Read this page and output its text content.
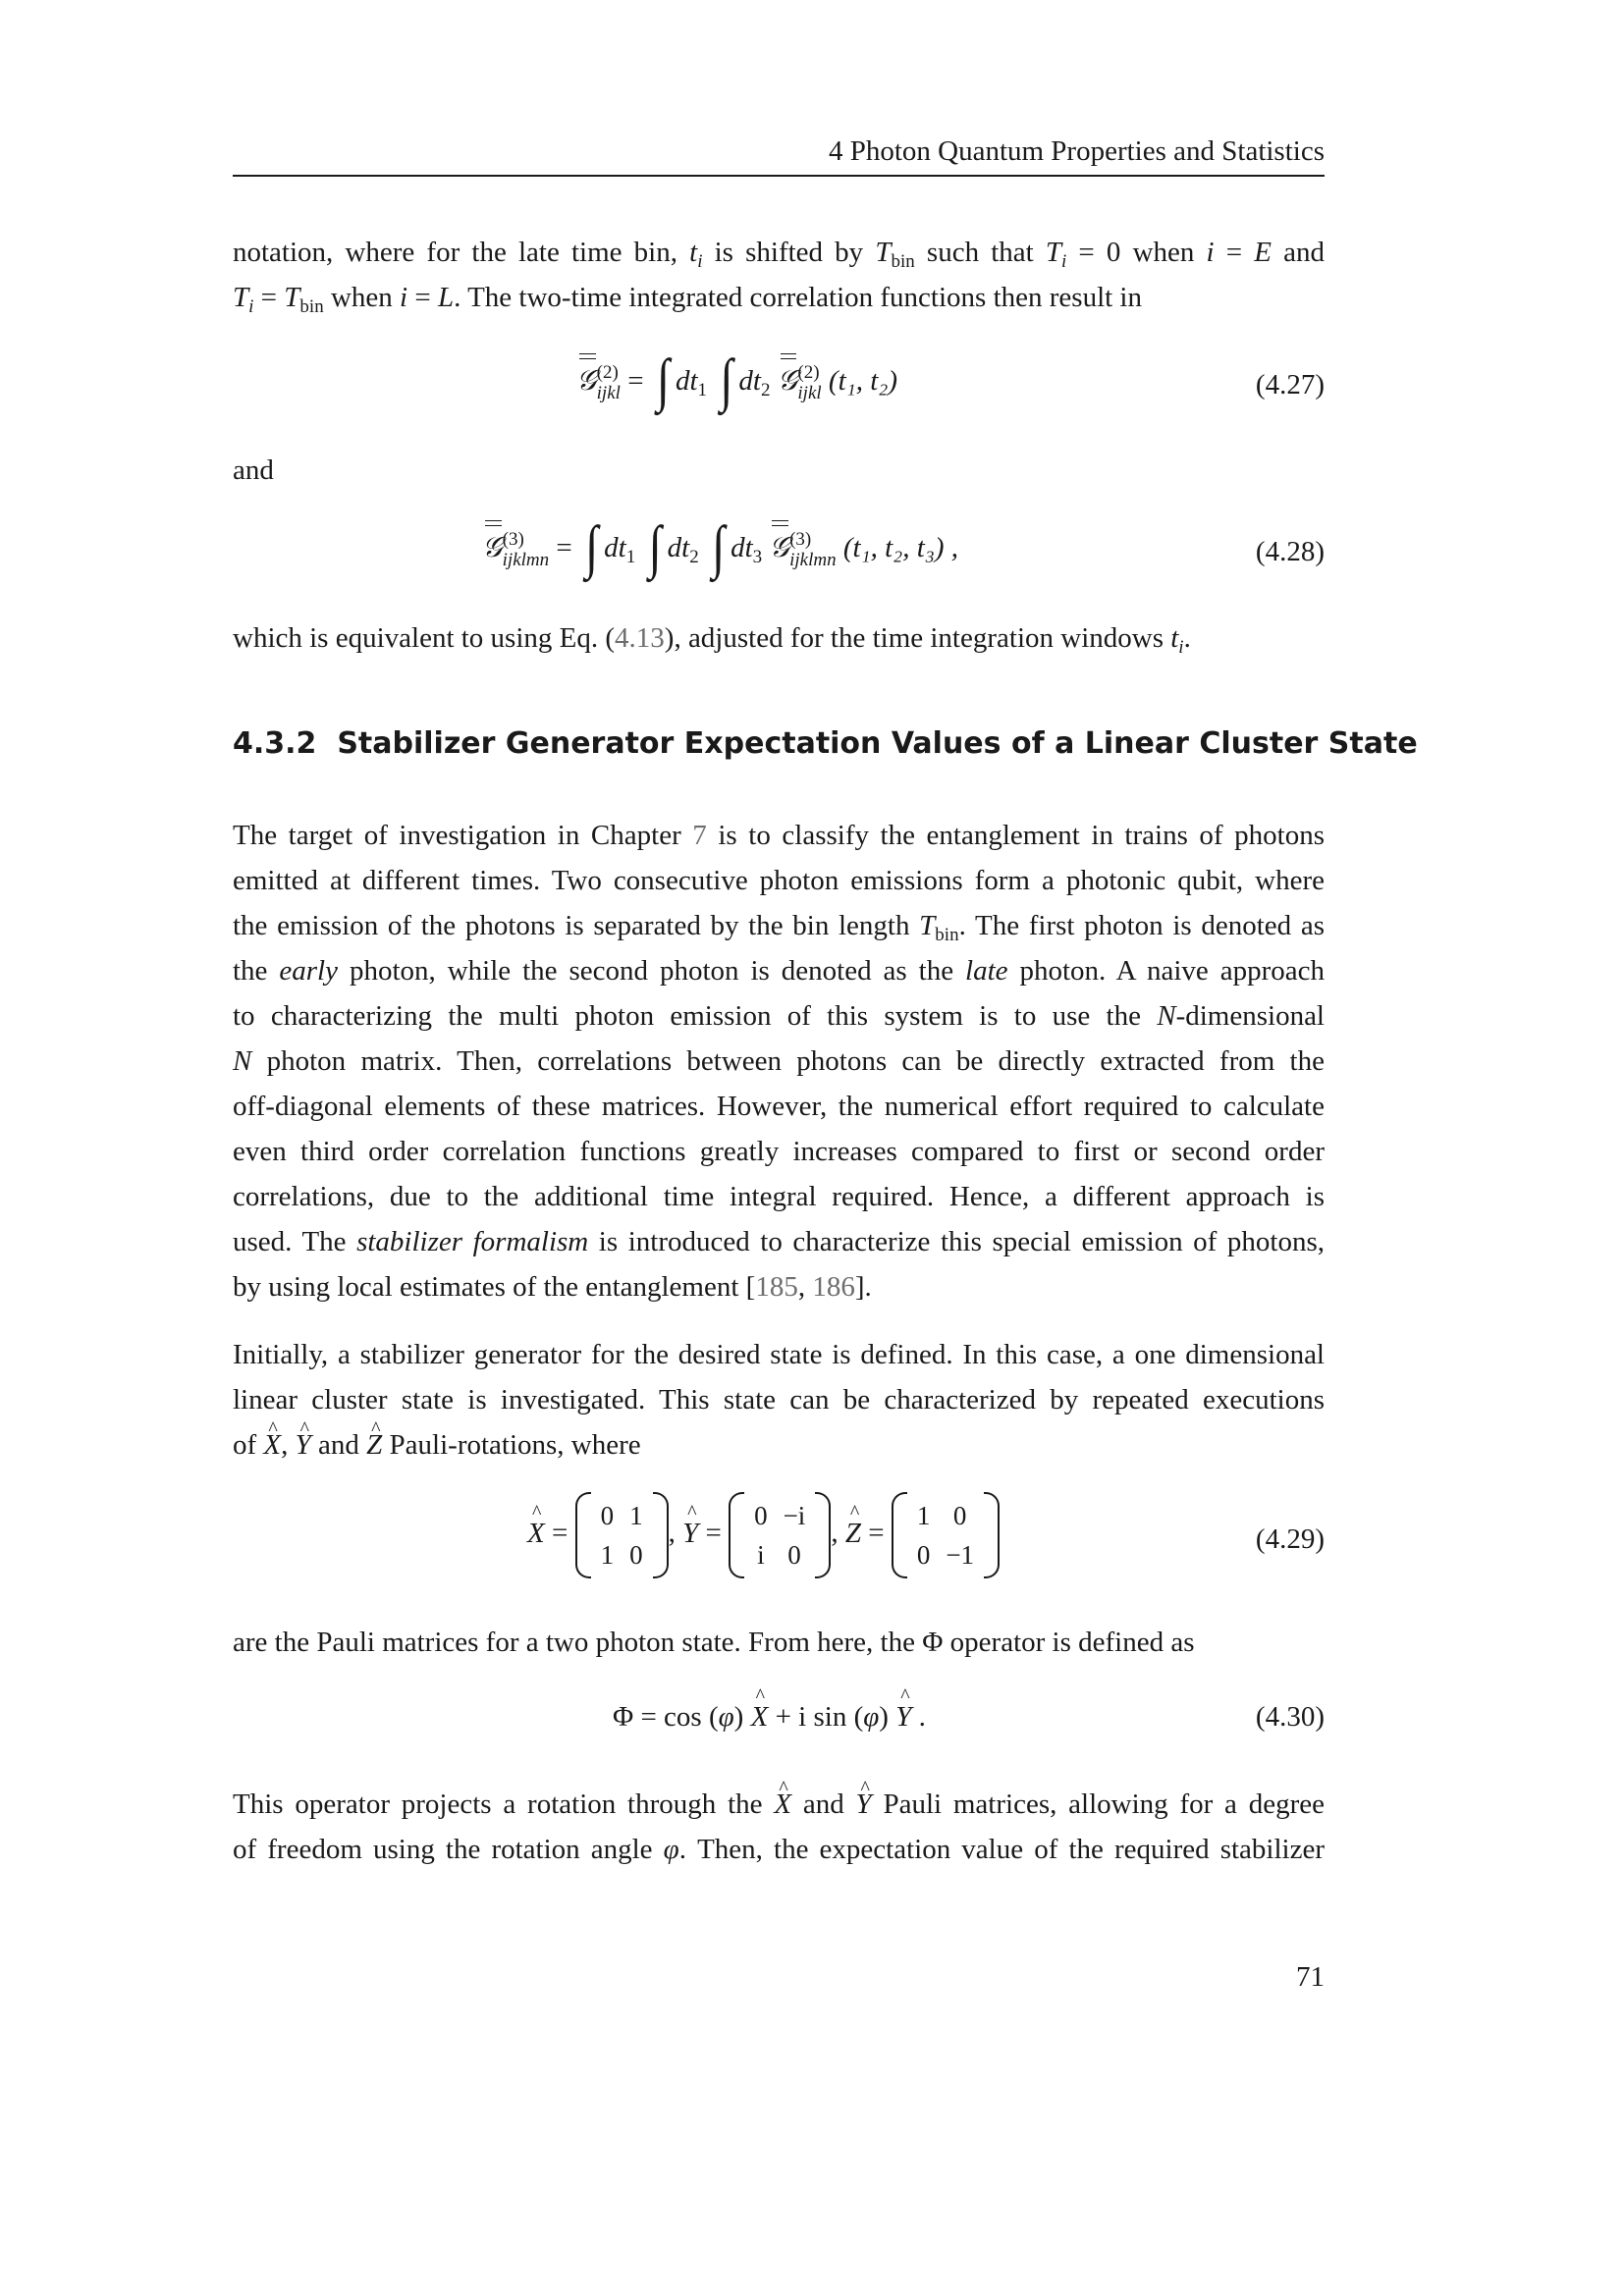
4 Photon Quantum Properties and Statistics
notation, where for the late time bin, $t_i$ is shifted by $T_{bin}$ such that $T_i = 0$ when i = E and
$T_i = T_{bin}$ when i = L. The two-time integrated correlation functions then result in
𝒢 (2)
ijkl = ∫ $dt_1$ ∫ $dt_2$ 𝒢 (2)
ijkl (t₁, t₂)	(4.27)
and
𝒢 (3)
ijklmn = ∫ $dt_1$ ∫ $dt_2$ ∫ $dt_3$ 𝒢 (3)
ijklmn (t₁, t₂, t₃) ,	(4.28)
which is equivalent to using Eq. (4.13), adjusted for the time integration windows $t_i$.
4.3.2 Stabilizer Generator Expectation Values of a Linear Cluster State
The target of investigation in Chapter 7 is to classify the entanglement in trains of photons
emitted at different times. Two consecutive photon emissions form a photonic qubit, where
the emission of the photons is separated by the bin length $T_{bin}$. The first photon is denoted as
the early photon, while the second photon is denoted as the late photon. A naive approach
to characterizing the multi photon emission of this system is to use the N-dimensional
N photon matrix. Then, correlations between photons can be directly extracted from the
off-diagonal elements of these matrices. However, the numerical effort required to calculate
even third order correlation functions greatly increases compared to first or second order
correlations, due to the additional time integral required. Hence, a different approach is
used. The stabilizer formalism is introduced to characterize this special emission of photons,
by using local estimates of the entanglement [185, 186].
Initially, a stabilizer generator for the desired state is defined. In this case, a one dimensional
linear cluster state is investigated. This state can be characterized by repeated executions
of X ^, Y ^ and Z ^ Pauli-rotations, where
X ^ =
0	1
1	0
, Y ^ =
0	−i
i	0
, Z ^ =
1	0
0	−1	(4.29)
are the Pauli matrices for a two photon state. From here, the Φ operator is defined as
Φ = cos (φ) X ^ + i sin (φ) Y ^ .	(4.30)
This operator projects a rotation through the X ^ and Y ^ Pauli matrices, allowing for a degree
of freedom using the rotation angle φ. Then, the expectation value of the required stabilizer
71
